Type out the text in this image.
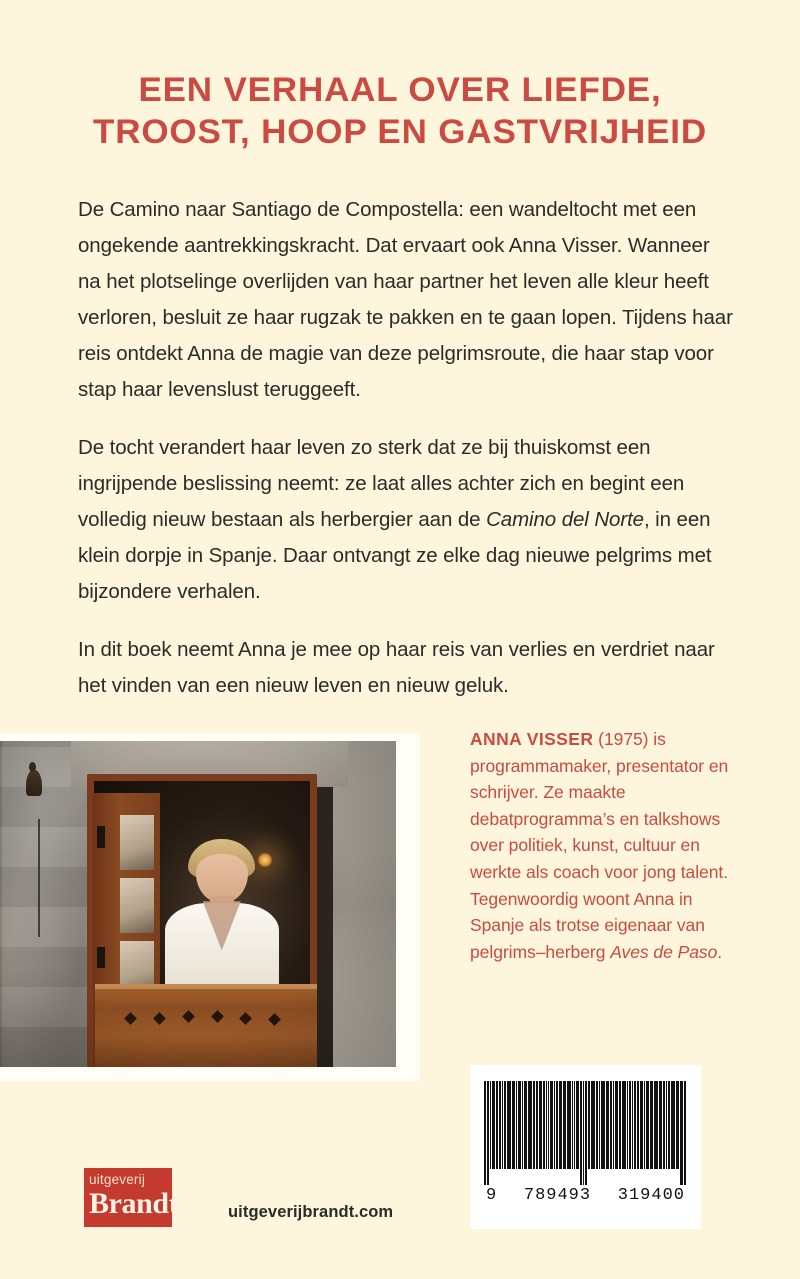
EEN VERHAAL OVER LIEFDE,
TROOST, HOOP EN GASTVRIJHEID

De Camino naar Santiago de Compostella: een wandeltocht met een ongekende aantrekkingskracht. Dat ervaart ook Anna Visser. Wanneer na het plotselinge overlijden van haar partner het leven alle kleur heeft verloren, besluit ze haar rugzak te pakken en te gaan lopen. Tijdens haar reis ontdekt Anna de magie van deze pelgrimsroute, die haar stap voor stap haar levenslust teruggeeft.

De tocht verandert haar leven zo sterk dat ze bij thuiskomst een ingrijpende beslissing neemt: ze laat alles achter zich en begint een volledig nieuw bestaan als herbergier aan de Camino del Norte, in een klein dorpje in Spanje. Daar ontvangt ze elke dag nieuwe pelgrims met bijzondere verhalen.

In dit boek neemt Anna je mee op haar reis van verlies en verdriet naar het vinden van een nieuw leven en nieuw geluk.

ANNA VISSER (1975) is programmamaker, presentator en schrijver. Ze maakte debatprogramma’s en talkshows over politiek, kunst, cultuur en werkte als coach voor jong talent. Tegenwoordig woont Anna in Spanje als trotse eigenaar van pelgrims–herberg Aves de Paso.
9 789493 319400
uitgeverij
Brandt	uitgeverijbrandt.com
